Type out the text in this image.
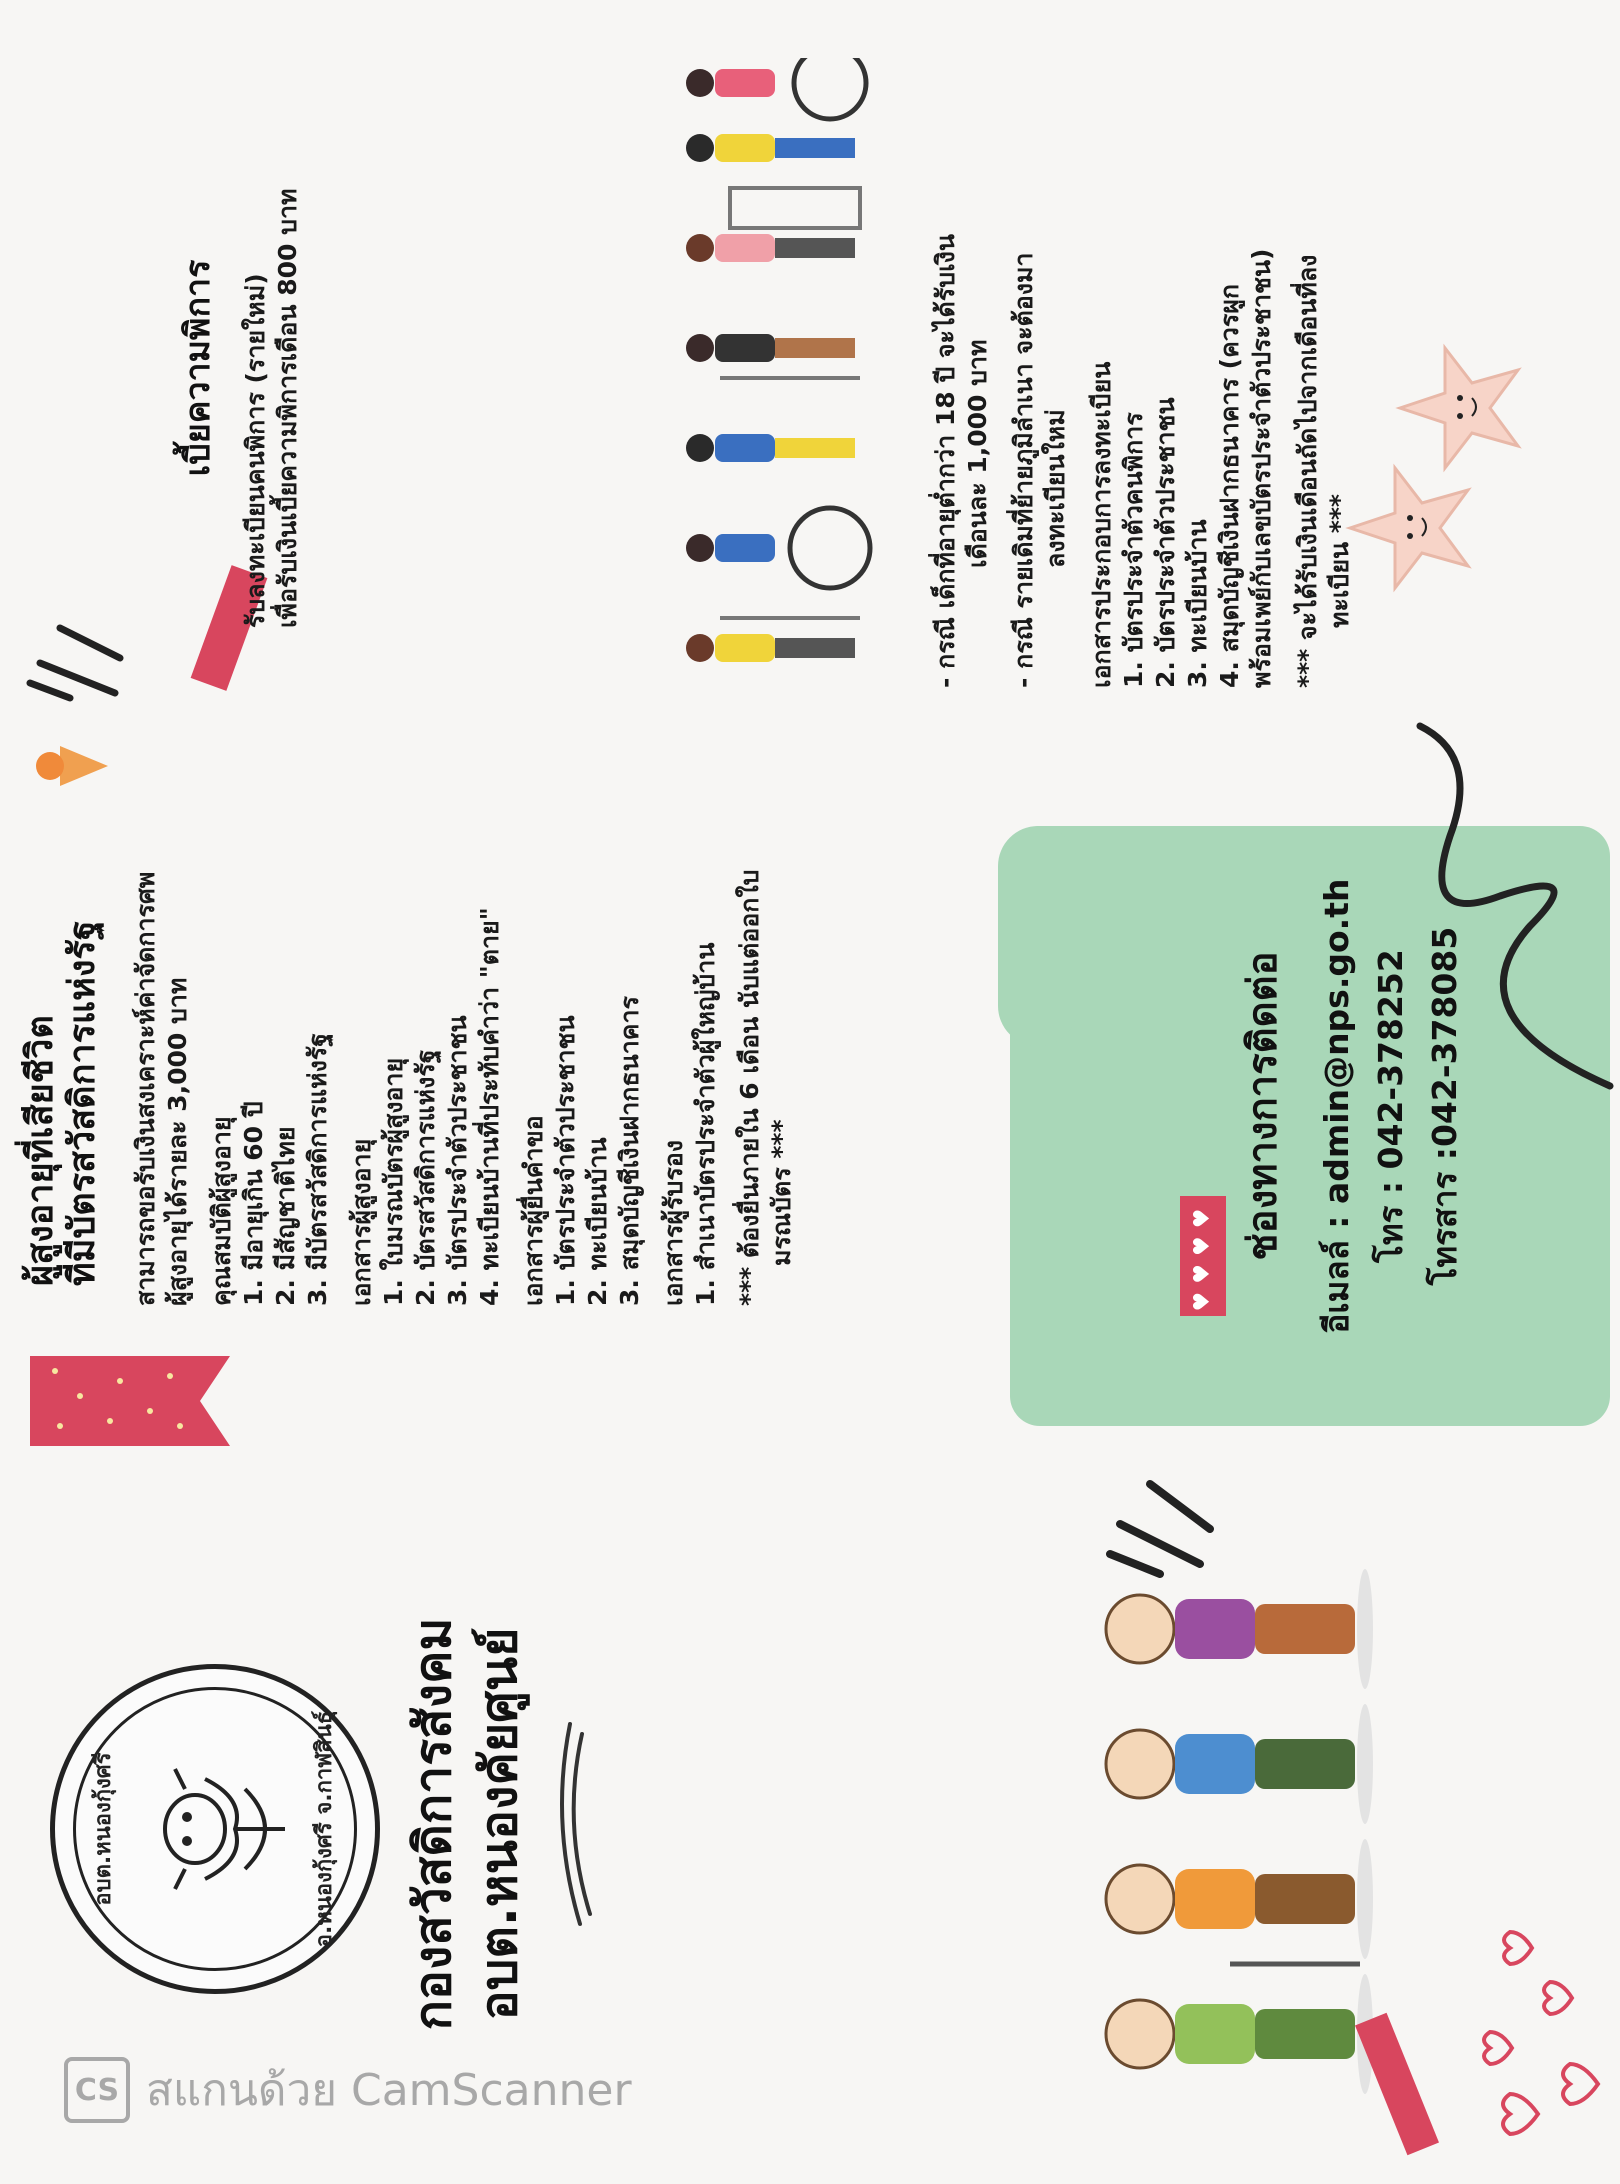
อบต.หนองกุ้งศรี	อ.หนองกุ้งศรี จ.กาฬสินธุ์ กองสวัสดิการสังคม อบต.หนองคัยศูนย์
ผู้สูงอายุที่เสียชีวิต ที่มีบัตรสวัสดิการแห่งรัฐ สามารถขอรับเงินสงเคราะห์ค่าจัดการศพ ผู้สูงอายุได้รายละ 3,000 บาท คุณสมบัติผู้สูงอายุ 1. มีอายุเกิน 60 ปี 2. มีสัญชาติไทย 3. มีบัตรสวัสดิการแห่งรัฐ เอกสารผู้สูงอายุ 1. ใบมรณบัตรผู้สูงอายุ 2. บัตรสวัสดิการแห่งรัฐ 3. บัตรประจำตัวประชาชน 4. ทะเบียนบ้านที่ประทับคำว่า "ตาย" เอกสารผู้ยื่นคำขอ 1. บัตรประจำตัวประชาชน 2. ทะเบียนบ้าน 3. สมุดบัญชีเงินฝากธนาคาร เอกสารผู้รับรอง 1. สำเนาบัตรประจำตัวผู้ใหญ่บ้าน *** ต้องยื่นภายใน 6 เดือน นับแต่ออกใบ มรณบัตร ***	♥♥♥♥ ช่องทางการติดต่อ อีเมลล์ : admin@nps.go.th โทร : 042-378252 โทรสาร :042-378085
เบี้ยความพิการ รับลงทะเบียนคนพิการ (รายใหม่) เพื่อรับเงินเบี้ยความพิการเดือน 800 บาท	- กรณี เด็กที่อายุต่ำกว่า 18 ปี จะได้รับเงิน เดือนละ 1,000 บาท - กรณี รายเดิมที่ย้ายภูมิลำเนา จะต้องมา ลงทะเบียนใหม่ เอกสารประกอบการลงทะเบียน 1. บัตรประจำตัวคนพิการ 2. บัตรประจำตัวประชาชน 3. ทะเบียนบ้าน 4. สมุดบัญชีเงินฝากธนาคาร (ควรผูก พร้อมเพย์กับเลขบัตรประจำตัวประชาชน) *** จะได้รับเงินเดือนถัดไปจากเดือนที่ลง ทะเบียน ***
CS สแกนด้วย CamScanner
